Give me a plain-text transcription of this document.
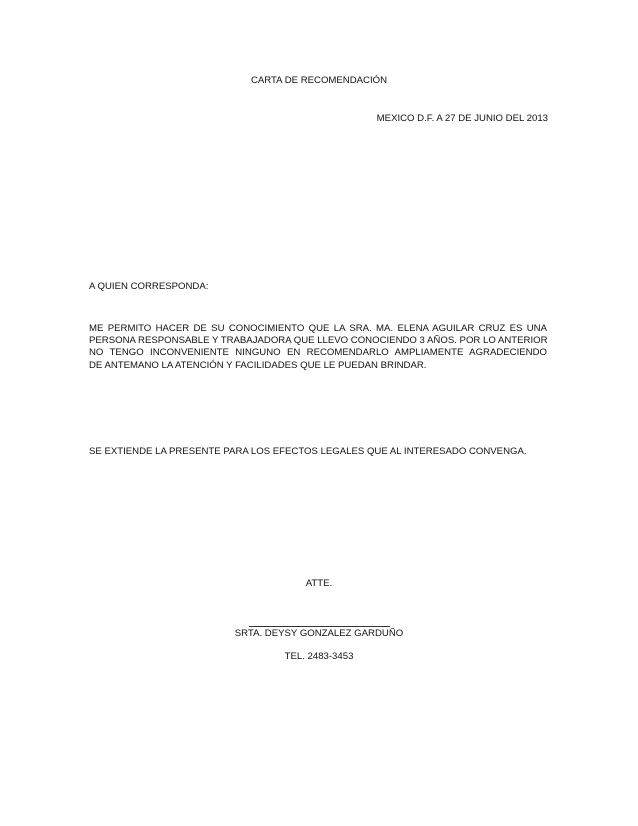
CARTA DE RECOMENDACIÓN
MEXICO D.F. A 27 DE JUNIO DEL 2013
A QUIEN CORRESPONDA:
ME PERMITO HACER DE SU CONOCIMIENTO QUE LA SRA. MA. ELENA AGUILAR CRUZ ES UNA
PERSONA RESPONSABLE Y TRABAJADORA QUE LLEVO CONOCIENDO 3 AÑOS. POR LO ANTERIOR
NO TENGO INCONVENIENTE NINGUNO EN RECOMENDARLO AMPLIAMENTE AGRADECIENDO
DE ANTEMANO LA ATENCIÓN Y FACILIDADES QUE LE PUEDAN BRINDAR.
SE EXTIENDE LA PRESENTE PARA LOS EFECTOS LEGALES QUE AL INTERESADO CONVENGA.
ATTE.
SRTA. DEYSY GONZALEZ GARDUÑO
TEL. 2483-3453
